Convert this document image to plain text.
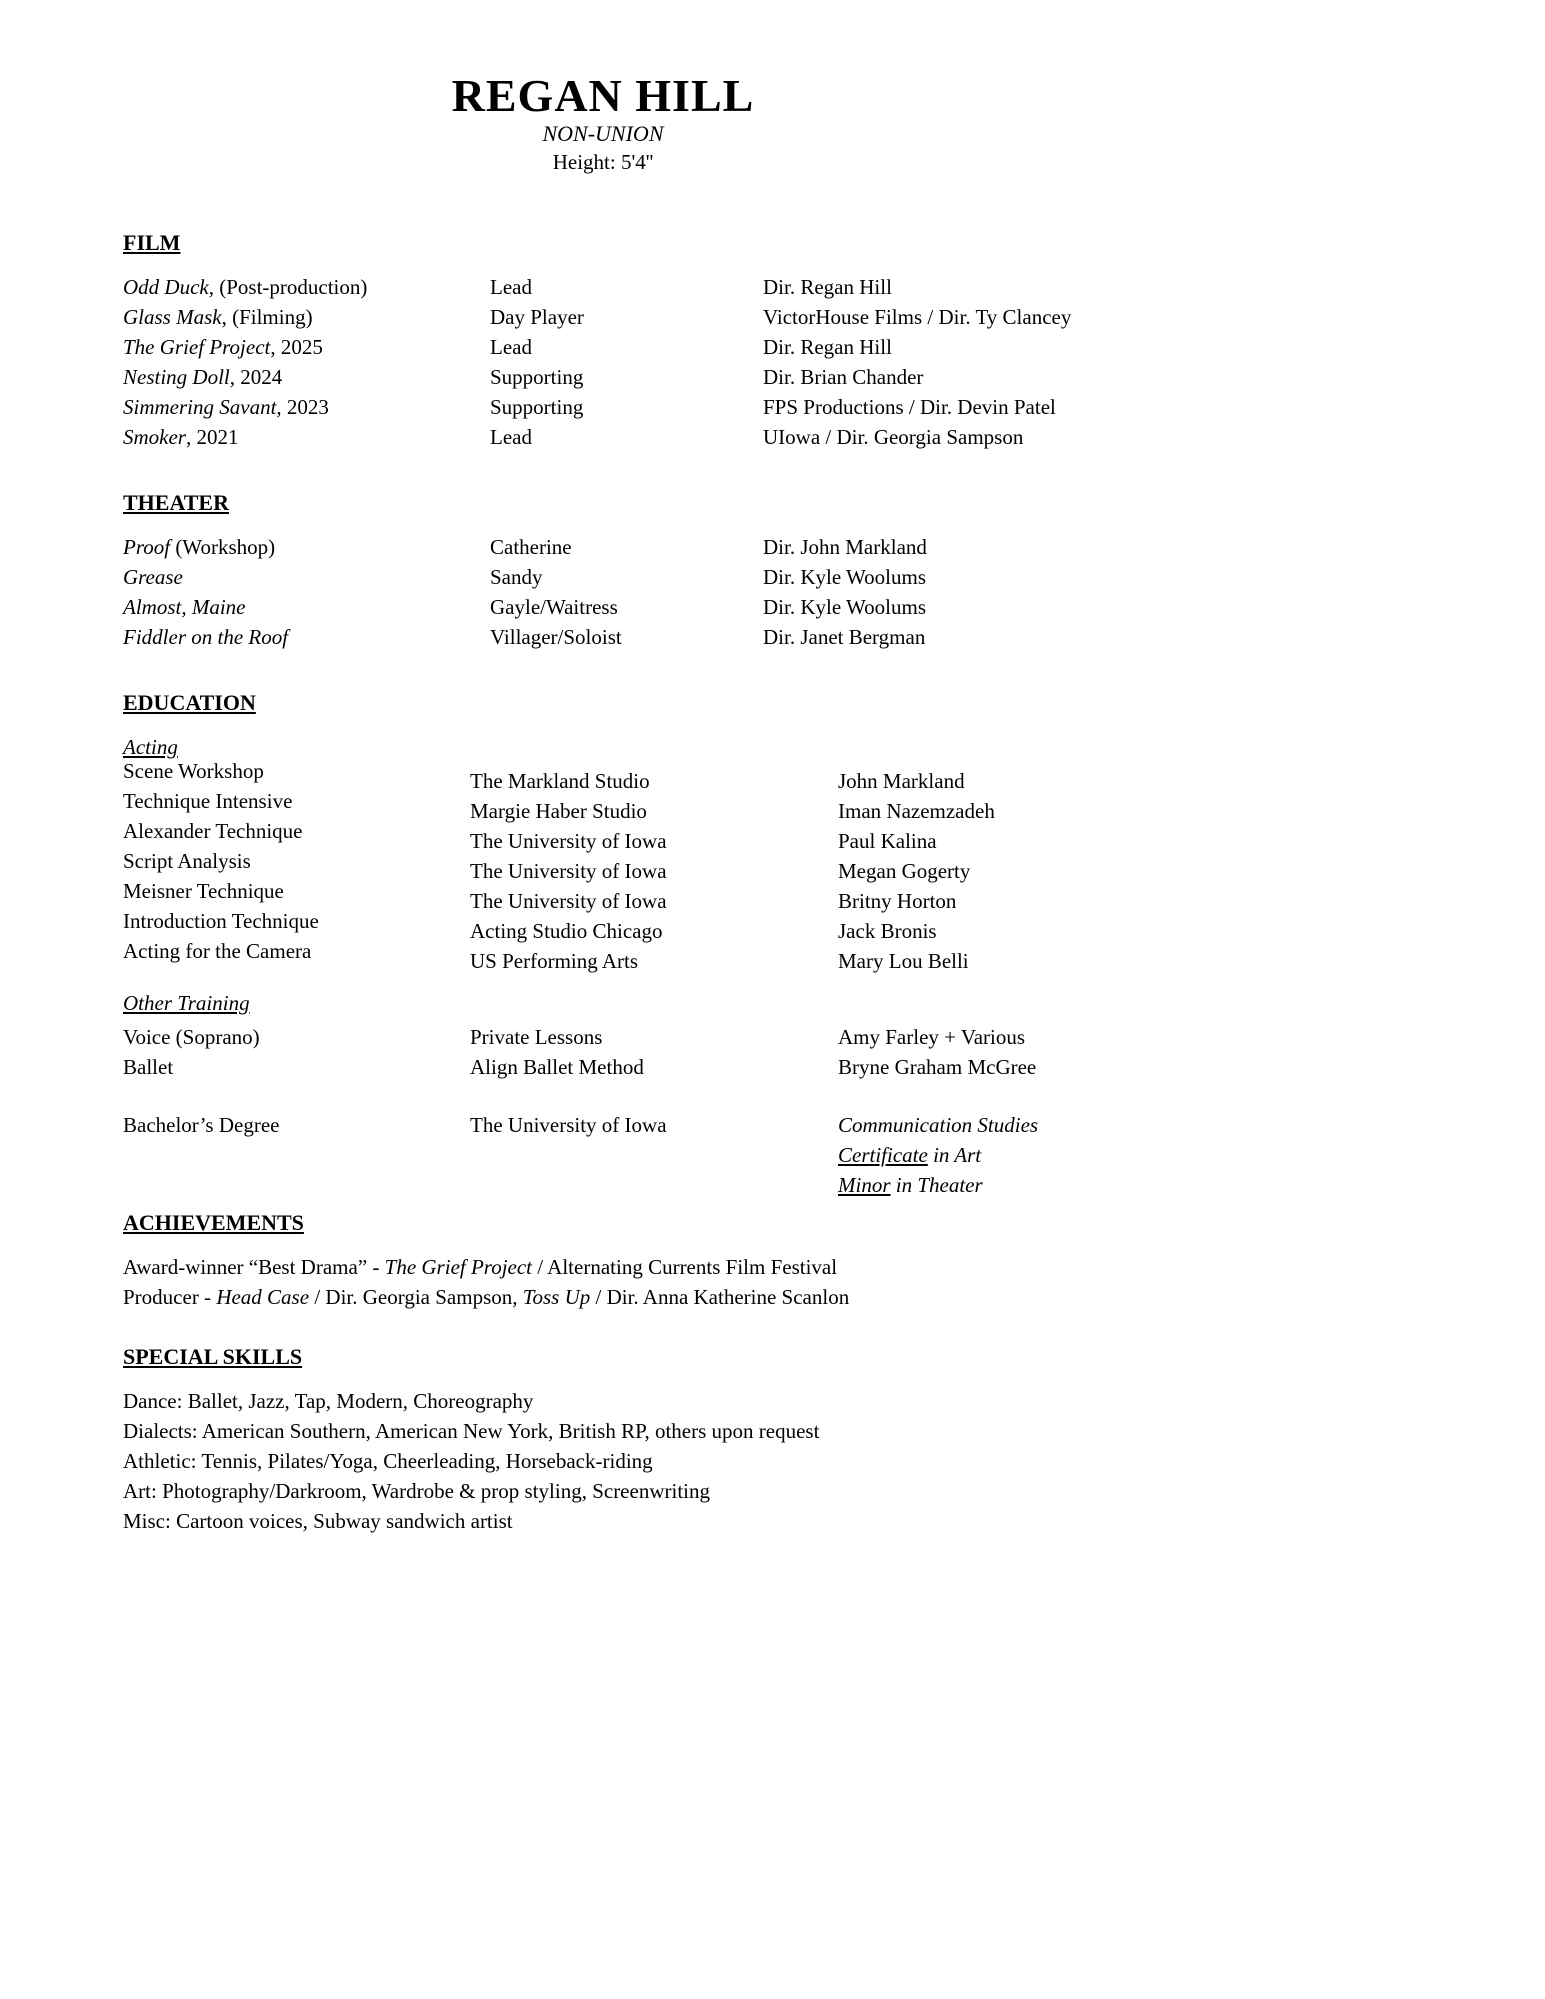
REGAN HILL
NON-UNION
Height: 5'4''
FILM
Odd Duck, (Post-production)	Lead	Dir. Regan Hill
Glass Mask, (Filming)	Day Player	VictorHouse Films / Dir. Ty Clancey
The Grief Project, 2025	Lead	Dir. Regan Hill
Nesting Doll, 2024	Supporting	Dir. Brian Chander
Simmering Savant, 2023	Supporting	FPS Productions / Dir. Devin Patel
Smoker, 2021	Lead	UIowa / Dir. Georgia Sampson
THEATER
Proof (Workshop)	Catherine	Dir. John Markland
Grease	Sandy	Dir. Kyle Woolums
Almost, Maine	Gayle/Waitress	Dir. Kyle Woolums
Fiddler on the Roof	Villager/Soloist	Dir. Janet Bergman
EDUCATION
Acting
Scene Workshop	The Markland Studio	John Markland
Technique Intensive	Margie Haber Studio	Iman Nazemzadeh
Alexander Technique	The University of Iowa	Paul Kalina
Script Analysis	The University of Iowa	Megan Gogerty
Meisner Technique	The University of Iowa	Britny Horton
Introduction Technique	Acting Studio Chicago	Jack Bronis
Acting for the Camera	US Performing Arts	Mary Lou Belli
Other Training
Voice (Soprano)	Private Lessons	Amy Farley + Various
Ballet	Align Ballet Method	Bryne Graham McGree
Bachelor’s Degree	The University of Iowa	Communication Studies
Certificate in Art
Minor in Theater
ACHIEVEMENTS
Award-winner “Best Drama” - The Grief Project / Alternating Currents Film Festival
Producer - Head Case / Dir. Georgia Sampson, Toss Up / Dir. Anna Katherine Scanlon
SPECIAL SKILLS
Dance: Ballet, Jazz, Tap, Modern, Choreography
Dialects: American Southern, American New York, British RP, others upon request
Athletic: Tennis, Pilates/Yoga, Cheerleading, Horseback-riding
Art: Photography/Darkroom, Wardrobe & prop styling, Screenwriting
Misc: Cartoon voices, Subway sandwich artist
